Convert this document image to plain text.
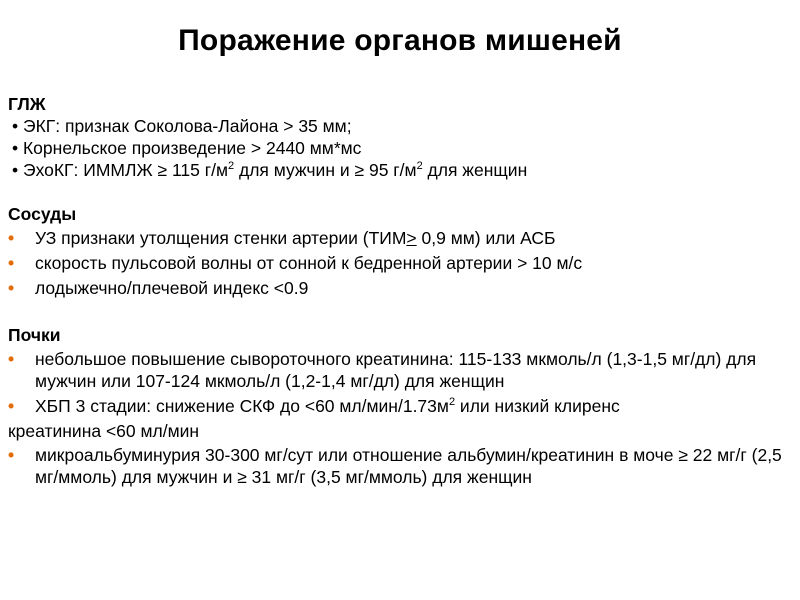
Поражение органов мишеней

ГЛЖ

• ЭКГ: признак Соколова-Лайона > 35 мм;

• Корнельское произведение > 2440 мм*мс

• ЭхоКГ: ИММЛЖ ≥ 115 $г/м^2$ для мужчин и ≥ 95 $г/м^2$ для женщин

Сосуды

• УЗ признаки утолщения стенки артерии (ТИМ> 0,9 мм) или АСБ
• скорость пульсовой волны от сонной к бедренной артерии > 10 м/с
• лодыжечно/плечевой индекс <0.9

Почки

• небольшое повышение сывороточного креатинина: 115-133 мкмоль/л (1,3-1,5 мг/дл) для мужчин или 107-124 мкмоль/л (1,2-1,4 мг/дл) для женщин
• ХБП 3 стадии: снижение СКФ до <60 $мл/мин/1.73м^2$ или низкий клиренс

креатинина <60 мл/мин

• микроальбуминурия 30-300 мг/сут или отношение альбумин/креатинин в моче ≥ 22 мг/г (2,5 мг/ммоль) для мужчин и ≥ 31 мг/г (3,5 мг/ммоль) для женщин
